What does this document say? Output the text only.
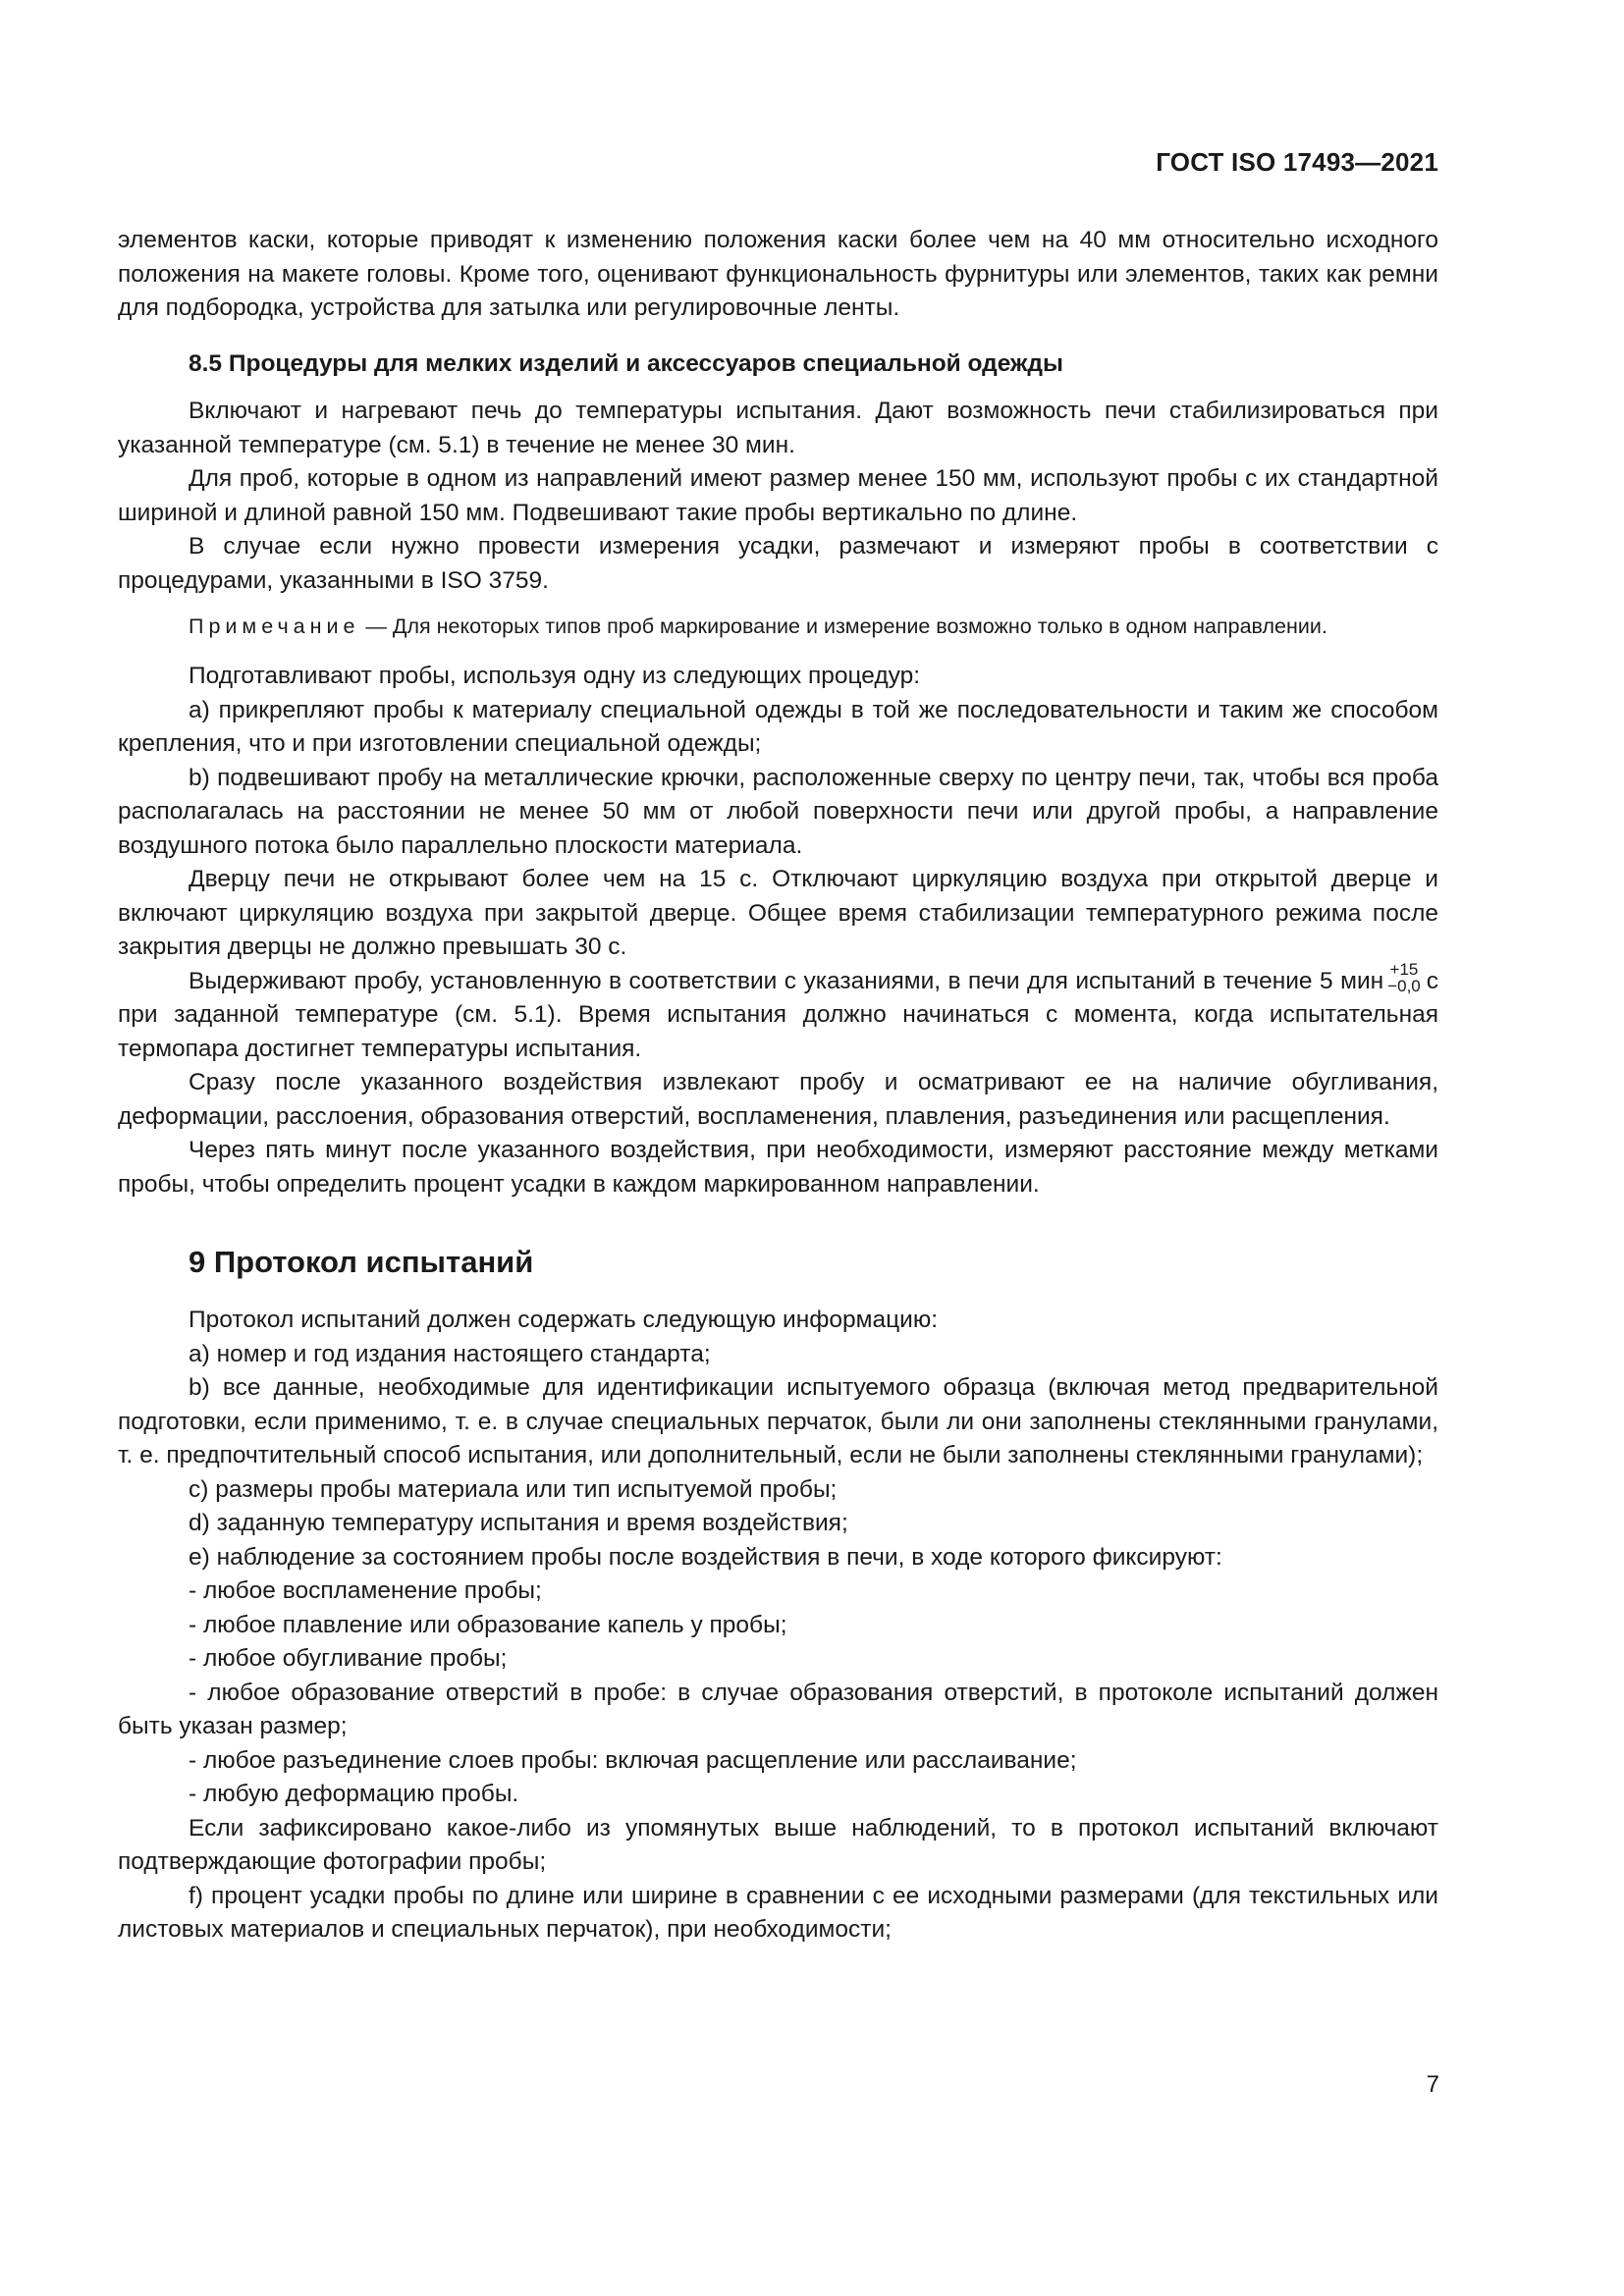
ГОСТ ISO 17493—2021

элементов каски, которые приводят к изменению положения каски более чем на 40 мм относительно исходного положения на макете головы. Кроме того, оценивают функциональность фурнитуры или элементов, таких как ремни для подбородка, устройства для затылка или регулировочные ленты.

8.5 Процедуры для мелких изделий и аксессуаров специальной одежды

Включают и нагревают печь до температуры испытания. Дают возможность печи стабилизироваться при указанной температуре (см. 5.1) в течение не менее 30 мин.

Для проб, которые в одном из направлений имеют размер менее 150 мм, используют пробы с их стандартной шириной и длиной равной 150 мм. Подвешивают такие пробы вертикально по длине.

В случае если нужно провести измерения усадки, размечают и измеряют пробы в соответствии с процедурами, указанными в ISO 3759.

Примечание — Для некоторых типов проб маркирование и измерение возможно только в одном направлении.

Подготавливают пробы, используя одну из следующих процедур:

a) прикрепляют пробы к материалу специальной одежды в той же последовательности и таким же способом крепления, что и при изготовлении специальной одежды;

b) подвешивают пробу на металлические крючки, расположенные сверху по центру печи, так, чтобы вся проба располагалась на расстоянии не менее 50 мм от любой поверхности печи или другой пробы, а направление воздушного потока было параллельно плоскости материала.

Дверцу печи не открывают более чем на 15 с. Отключают циркуляцию воздуха при открытой дверце и включают циркуляцию воздуха при закрытой дверце. Общее время стабилизации температурного режима после закрытия дверцы не должно превышать 30 с.

Выдерживают пробу, установленную в соответствии с указаниями, в печи для испытаний в течение 5 мин +15
−0,0 с при заданной температуре (см. 5.1). Время испытания должно начинаться с момента, когда испытательная термопара достигнет температуры испытания.

Сразу после указанного воздействия извлекают пробу и осматривают ее на наличие обугливания, деформации, расслоения, образования отверстий, воспламенения, плавления, разъединения или расщепления.

Через пять минут после указанного воздействия, при необходимости, измеряют расстояние между метками пробы, чтобы определить процент усадки в каждом маркированном направлении.

9 Протокол испытаний

Протокол испытаний должен содержать следующую информацию:

a) номер и год издания настоящего стандарта;

b) все данные, необходимые для идентификации испытуемого образца (включая метод предварительной подготовки, если применимо, т. е. в случае специальных перчаток, были ли они заполнены стеклянными гранулами, т. е. предпочтительный способ испытания, или дополнительный, если не были заполнены стеклянными гранулами);

c) размеры пробы материала или тип испытуемой пробы;

d) заданную температуру испытания и время воздействия;

e) наблюдение за состоянием пробы после воздействия в печи, в ходе которого фиксируют:

- любое воспламенение пробы;

- любое плавление или образование капель у пробы;

- любое обугливание пробы;

- любое образование отверстий в пробе: в случае образования отверстий, в протоколе испытаний должен быть указан размер;

- любое разъединение слоев пробы: включая расщепление или расслаивание;

- любую деформацию пробы.

Если зафиксировано какое-либо из упомянутых выше наблюдений, то в протокол испытаний включают подтверждающие фотографии пробы;

f) процент усадки пробы по длине или ширине в сравнении с ее исходными размерами (для текстильных или листовых материалов и специальных перчаток), при необходимости;

7
